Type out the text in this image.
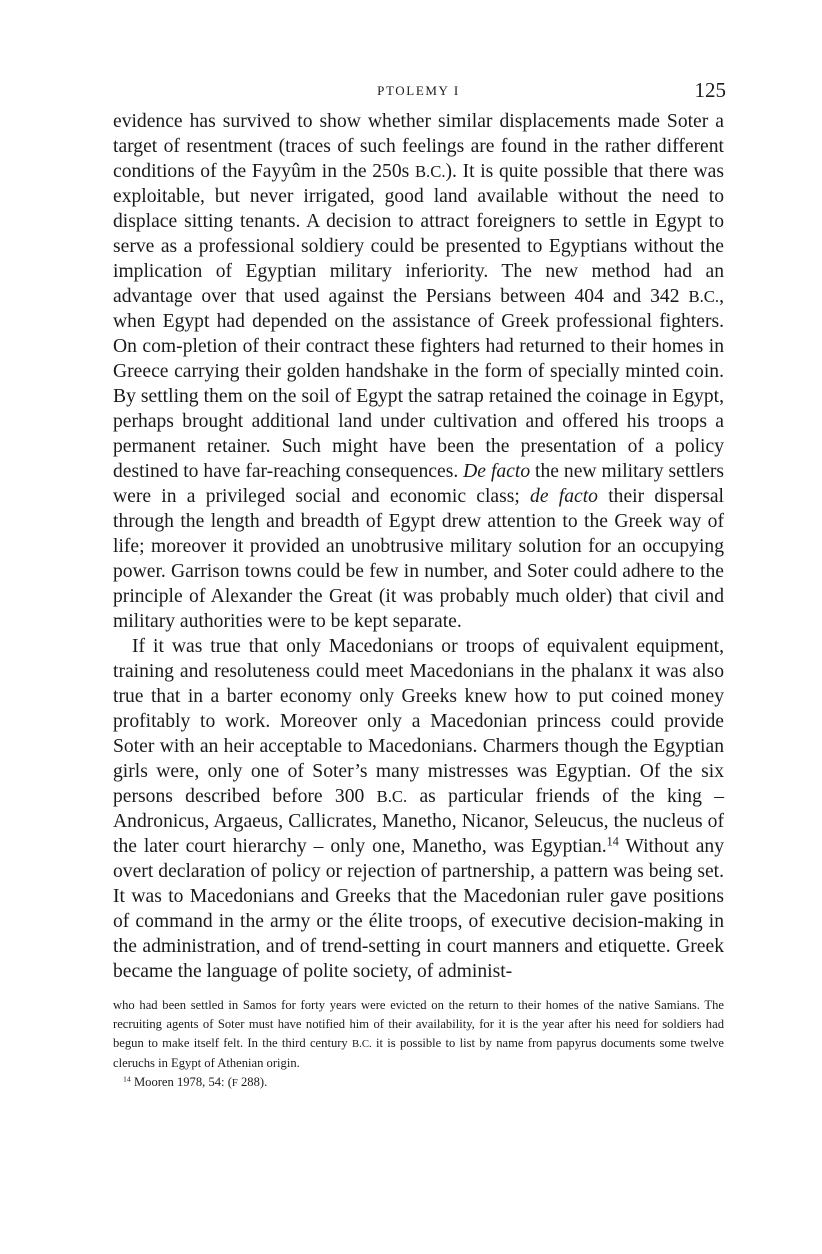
PTOLEMY I	125

evidence has survived to show whether similar displacements made Soter a target of resentment (traces of such feelings are found in the rather different conditions of the Fayyûm in the 250s B.C.). It is quite possible that there was exploitable, but never irrigated, good land available without the need to displace sitting tenants. A decision to attract foreigners to settle in Egypt to serve as a professional soldiery could be presented to Egyptians without the implication of Egyptian military inferiority. The new method had an advantage over that used against the Persians between 404 and 342 B.C., when Egypt had depended on the assistance of Greek professional fighters. On com-pletion of their contract these fighters had returned to their homes in Greece carrying their golden handshake in the form of specially minted coin. By settling them on the soil of Egypt the satrap retained the coinage in Egypt, perhaps brought additional land under cultivation and offered his troops a permanent retainer. Such might have been the presentation of a policy destined to have far-reaching consequences. De facto the new military settlers were in a privileged social and economic class; de facto their dispersal through the length and breadth of Egypt drew attention to the Greek way of life; moreover it provided an unobtrusive military solution for an occupying power. Garrison towns could be few in number, and Soter could adhere to the principle of Alexander the Great (it was probably much older) that civil and military authorities were to be kept separate.

If it was true that only Macedonians or troops of equivalent equipment, training and resoluteness could meet Macedonians in the phalanx it was also true that in a barter economy only Greeks knew how to put coined money profitably to work. Moreover only a Macedonian princess could provide Soter with an heir acceptable to Macedonians. Charmers though the Egyptian girls were, only one of Soter’s many mistresses was Egyptian. Of the six persons described before 300 B.C. as particular friends of the king – Andronicus, Argaeus, Callicrates, Manetho, Nicanor, Seleucus, the nucleus of the later court hierarchy – only one, Manetho, was Egyptian.$^{14}$ Without any overt declaration of policy or rejection of partnership, a pattern was being set. It was to Macedonians and Greeks that the Macedonian ruler gave positions of command in the army or the élite troops, of executive decision-making in the administration, and of trend-setting in court manners and etiquette. Greek became the language of polite society, of administ-

who had been settled in Samos for forty years were evicted on the return to their homes of the native Samians. The recruiting agents of Soter must have notified him of their availability, for it is the year after his need for soldiers had begun to make itself felt. In the third century B.C. it is possible to list by name from papyrus documents some twelve cleruchs in Egypt of Athenian origin.

$^{14}$ Mooren 1978, 54: (F 288).
